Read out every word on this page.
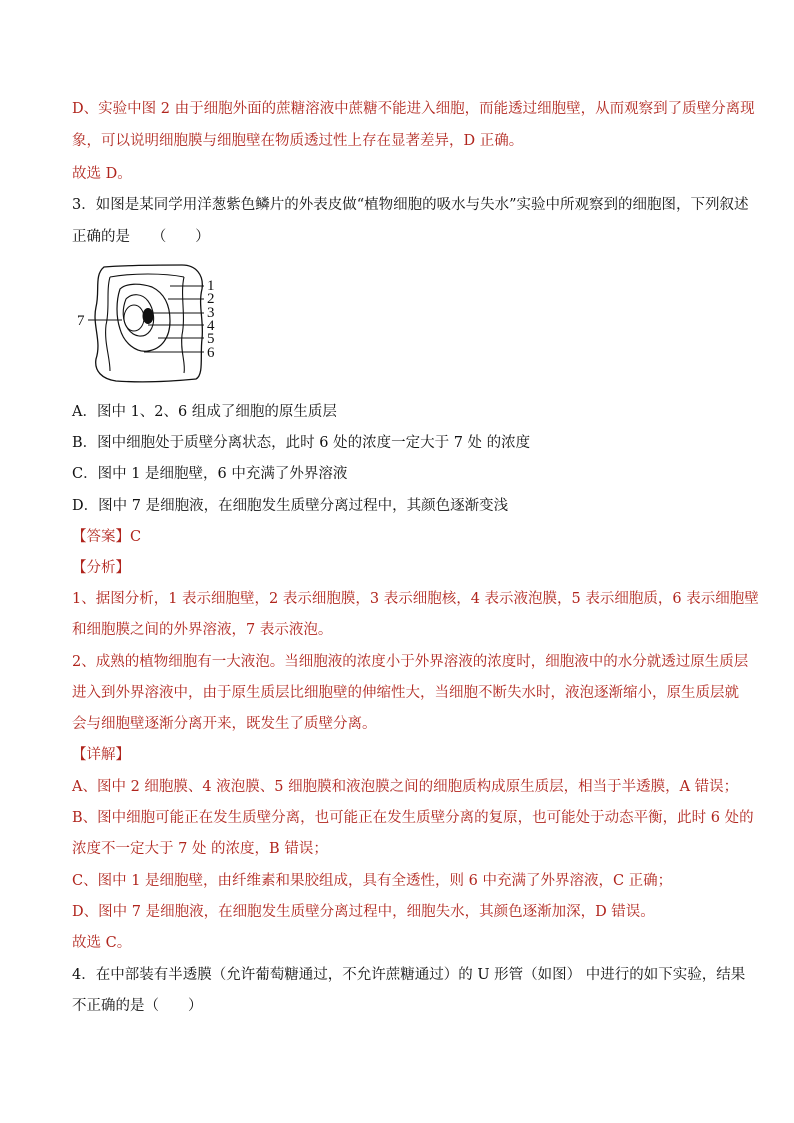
D、实验中图 2 由于细胞外面的蔗糖溶液中蔗糖不能进入细胞，而能透过细胞壁，从而观察到了质壁分离现
象，可以说明细胞膜与细胞壁在物质透过性上存在显著差异，D 正确。
故选 D。
3．如图是某同学用洋葱紫色鳞片的外表皮做“植物细胞的吸水与失水”实验中所观察到的细胞图，下列叙述
正确的是　　（　　）
1
2
3
4
5
6
7
A．图中 1、2、6 组成了细胞的原生质层
B．图中细胞处于质壁分离状态，此时 6 处的浓度一定大于 7 处 的浓度
C．图中 1 是细胞壁，6 中充满了外界溶液
D．图中 7 是细胞液，在细胞发生质壁分离过程中，其颜色逐渐变浅
【答案】C
【分析】
1、据图分析，1 表示细胞壁，2 表示细胞膜，3 表示细胞核，4 表示液泡膜，5 表示细胞质，6 表示细胞壁
和细胞膜之间的外界溶液，7 表示液泡。
2、成熟的植物细胞有一大液泡。当细胞液的浓度小于外界溶液的浓度时，细胞液中的水分就透过原生质层
进入到外界溶液中，由于原生质层比细胞壁的伸缩性大，当细胞不断失水时，液泡逐渐缩小，原生质层就
会与细胞壁逐渐分离开来，既发生了质壁分离。
【详解】
A、图中 2 细胞膜、4 液泡膜、5 细胞膜和液泡膜之间的细胞质构成原生质层，相当于半透膜，A 错误；
B、图中细胞可能正在发生质壁分离，也可能正在发生质壁分离的复原，也可能处于动态平衡，此时 6 处的
浓度不一定大于 7 处 的浓度，B 错误；
C、图中 1 是细胞壁，由纤维素和果胶组成，具有全透性，则 6 中充满了外界溶液，C 正确；
D、图中 7 是细胞液，在细胞发生质壁分离过程中，细胞失水，其颜色逐渐加深，D 错误。
故选 C。
4．在中部装有半透膜（允许葡萄糖通过，不允许蔗糖通过）的 U 形管（如图） 中进行的如下实验，结果
不正确的是（　　）
